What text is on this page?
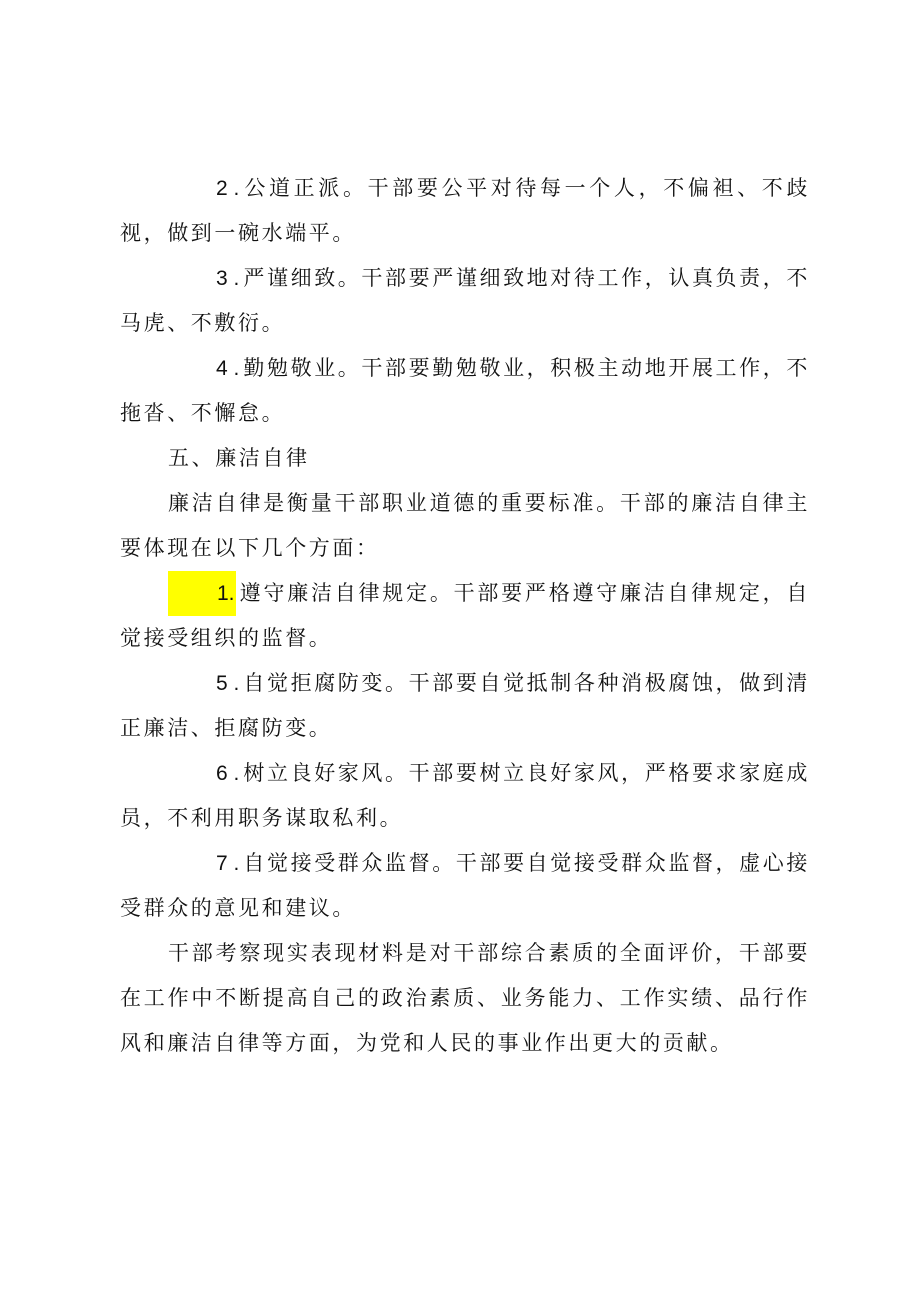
2 . 公道正派。干部要公平对待每一个人，不偏袒、不歧视，做到一碗水端平。

3 . 严谨细致。干部要严谨细致地对待工作，认真负责，不马虎、不敷衍。

4 . 勤勉敬业。干部要勤勉敬业，积极主动地开展工作，不拖沓、不懈怠。

五、廉洁自律

廉洁自律是衡量干部职业道德的重要标准。干部的廉洁自律主要体现在以下几个方面：

1. 遵守廉洁自律规定。干部要严格遵守廉洁自律规定，自觉接受组织的监督。

5 . 自觉拒腐防变。干部要自觉抵制各种消极腐蚀，做到清正廉洁、拒腐防变。

6 . 树立良好家风。干部要树立良好家风，严格要求家庭成员，不利用职务谋取私利。

7 . 自觉接受群众监督。干部要自觉接受群众监督，虚心接受群众的意见和建议。

干部考察现实表现材料是对干部综合素质的全面评价，干部要在工作中不断提高自己的政治素质、业务能力、工作实绩、品行作风和廉洁自律等方面，为党和人民的事业作出更大的贡献。
